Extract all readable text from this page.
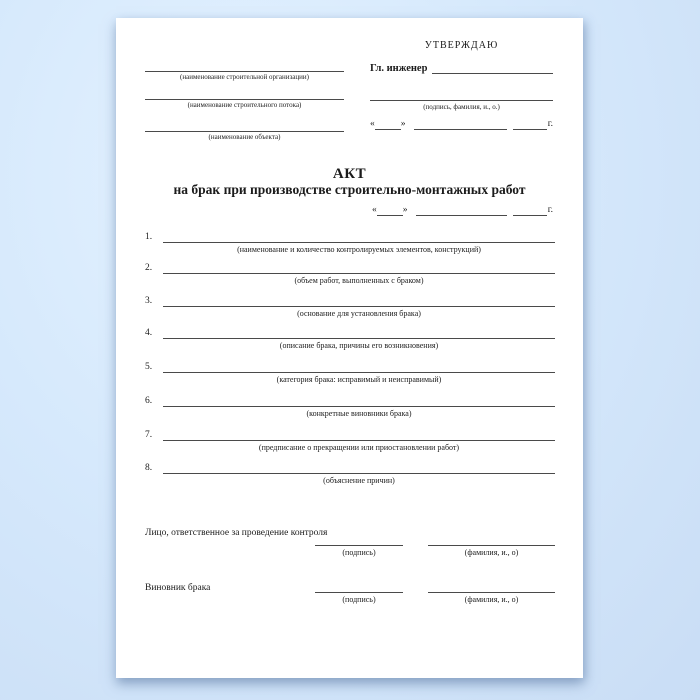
(наименование строительной организации)
(наименование строительного потока)
(наименование объекта)
УТВЕРЖДАЮ
Гл. инженер
(подпись, фамилия, и., о.)
«	»	г.
АКТ
на брак при производстве строительно-монтажных работ
«	»	г.
1.
(наименование и количество контролируемых элементов, конструкций)
2.
(объем работ, выполненных с браком)
3.
(основание для установления брака)
4.
(описание брака, причины его возникновения)
5.
(категория брака: исправимый и неисправимый)
6.
(конкретные виновники брака)
7.
(предписание о прекращении или приостановлении работ)
8.
(объяснение причин)
Лицо, ответственное за проведение контроля
(подпись)	(фамилия, и., о)
Виновник брака
(подпись)	(фамилия, и., о)
